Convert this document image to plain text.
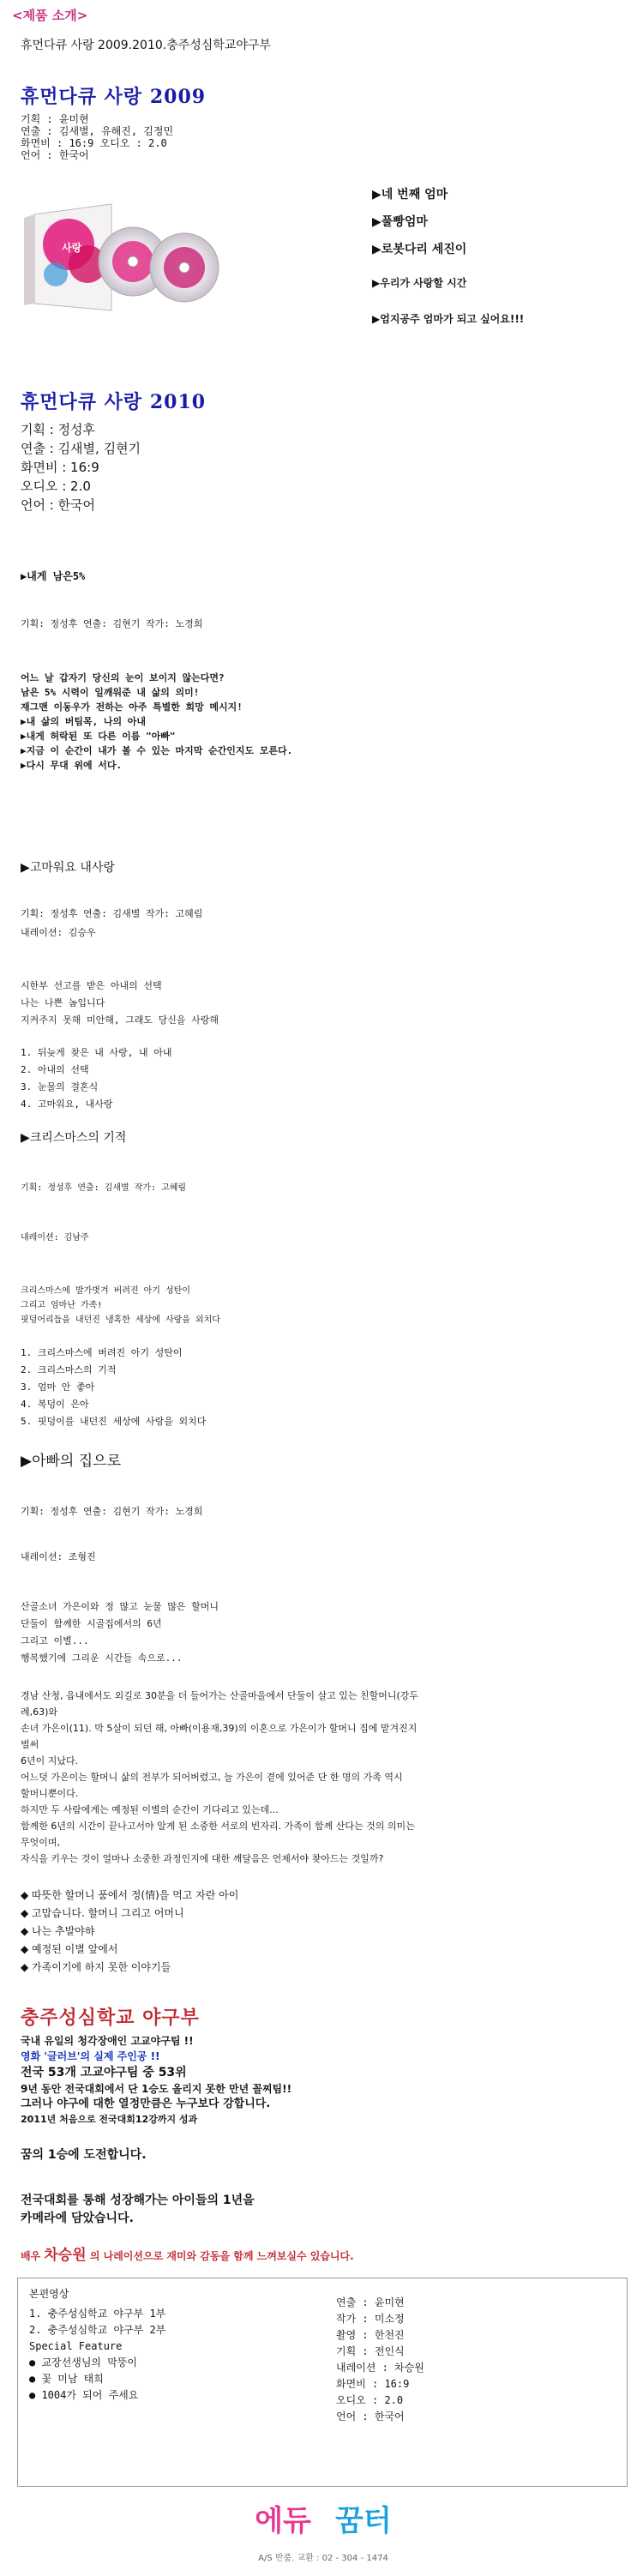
<제품 소개>
휴먼다큐 사랑 2009.2010.충주성심학교야구부
휴먼다큐 사랑 2009
기획 : 윤미현
연출 : 김새별, 유해진, 김정민
화면비 : 16:9 오디오 : 2.0
언어 : 한국어
사랑
▶네 번째 엄마
▶풀빵엄마
▶로봇다리 세진이
▶우리가 사랑할 시간
▶엄지공주 엄마가 되고 싶어요!!!
휴먼다큐 사랑 2010
기획 : 정성후
연출 : 김새별, 김현기
화면비 : 16:9
오디오 : 2.0
언어 : 한국어
▶내게 남은5%
기획: 정성후 연출: 김현기 작가: 노경희
어느 날 갑자기 당신의 눈이 보이지 않는다면?
남은 5% 시력이 일깨워준 내 삶의 의미!
재그맨 이동우가 전하는 아주 특별한 희망 메시지!
▶내 삶의 버팀목, 나의 아내
▶내게 허락된 또 다른 이름 "아빠"
▶지금 이 순간이 내가 볼 수 있는 마지막 순간인지도 모른다.
▶다시 무대 위에 서다.
▶고마워요 내사랑
기획: 정성후 연출: 김새별 작가: 고혜림
내레이션: 김승우
시한부 선고를 받은 아내의 선택
나는 나쁜 놈입니다
지켜주지 못해 미안해, 그래도 당신을 사랑해
1. 뒤늦게 찾은 내 사랑, 내 아내
2. 아내의 선택
3. 눈물의 결혼식
4. 고마워요, 내사랑
▶크리스마스의 기적
기획: 정성후 연출: 김새별 작가: 고혜림
내레이션: 김남주
크리스마스에 발가벗겨 버려진 아기 성탄이
그리고 엄마난 가족!
핏덩어리들을 내던진 냉혹한 세상에 사랑을 외치다
1. 크리스마스에 버려진 아기 성탄이
2. 크리스마스의 기적
3. 엄마 안 좋아
4. 복덩이 은아
5. 핏덩이를 내던진 세상에 사랑을 외치다
▶아빠의 집으로
기획: 정성후 연출: 김현기 작가: 노경희
내레이션: 조형진
산골소녀 가은이와 정 많고 눈물 많은 할머니
단둘이 함께한 시골집에서의 6년
그리고 이별...
행복했기에 그리운 시간들 속으로...
경남 산청, 읍내에서도 외길로 30분을 더 들어가는 산골마을에서 단둘이 살고 있는 친할머니(강두
례,63)와
손녀 가은이(11). 막 5살이 되던 해, 아빠(이용재,39)의 이혼으로 가은이가 할머니 집에 맡겨진지
벌써
6년이 지났다.
어느덧 가은이는 할머니 삶의 전부가 되어버렸고, 늘 가은이 곁에 있어준 단 한 명의 가족 역시
할머니뿐이다.
하지만 두 사람에게는 예정된 이별의 순간이 기다리고 있는데...
함께한 6년의 시간이 끝나고서야 알게 된 소중한 서로의 빈자리. 가족이 함께 산다는 것의 의미는
무엇이며,
자식을 키우는 것이 얼마나 소중한 과정인지에 대한 깨달음은 언제서야 찾아드는 것일까?
◆ 따뜻한 할머니 품에서 정(情)을 먹고 자란 아이
◆ 고맙습니다. 할머니 그리고 어머니
◆ 나는 추발야햐
◆ 예정된 이별 앞에서
◆ 가족이기에 하지 못한 이야기들
충주성심학교 야구부
국내 유일의 청각장애인 고교야구팀 !!
영화 '글러브'의 실제 주인공 !!
전국 53개 고교야구팀 중 53위
9년 동안 전국대회에서 단 1승도 올리지 못한 만년 꼴찌팀!!
그러나 야구에 대한 열정만큼은 누구보다 강합니다.
2011년 처음으로 전국대회12강까지 성과
꿈의 1승에 도전합니다.
전국대회를 통해 성장해가는 아이들의 1년을
카메라에 담았습니다.
배우 차승원 의 나레이션으로 재미와 감동을 함께 느껴보실수 있습니다.
본편영상
1. 충주성심학교 야구부 1부
2. 충주성심학교 야구부 2부
Special Feature
● 교장선생님의 막뚱이
● 꽃 미남 태희
● 1004가 되어 주세요
연출 : 윤미현
작가 : 미소정
촬영 : 한천진
기획 : 전인식
내레이션 : 차승원
화면비 : 16:9
오디오 : 2.0
언어 : 한국어
에듀 꿈터
A/S 반품. 교환 : 02 - 304 - 1474
